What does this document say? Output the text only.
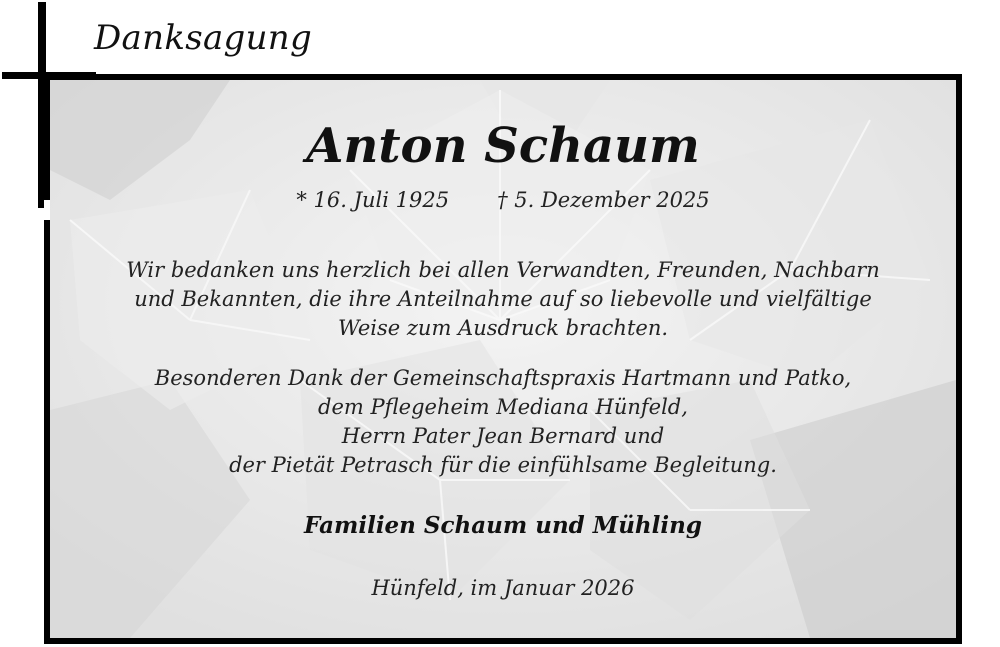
Danksagung
Anton Schaum
* 16. Juli 1925 † 5. Dezember 2025
Wir bedanken uns herzlich bei allen Verwandten, Freunden, Nachbarn
und Bekannten, die ihre Anteilnahme auf so liebevolle und vielfältige
Weise zum Ausdruck brachten.
Besonderen Dank der Gemeinschaftspraxis Hartmann und Patko,
dem Pflegeheim Mediana Hünfeld,
Herrn Pater Jean Bernard und
der Pietät Petrasch für die einfühlsame Begleitung.
Familien Schaum und Mühling
Hünfeld, im Januar 2026
